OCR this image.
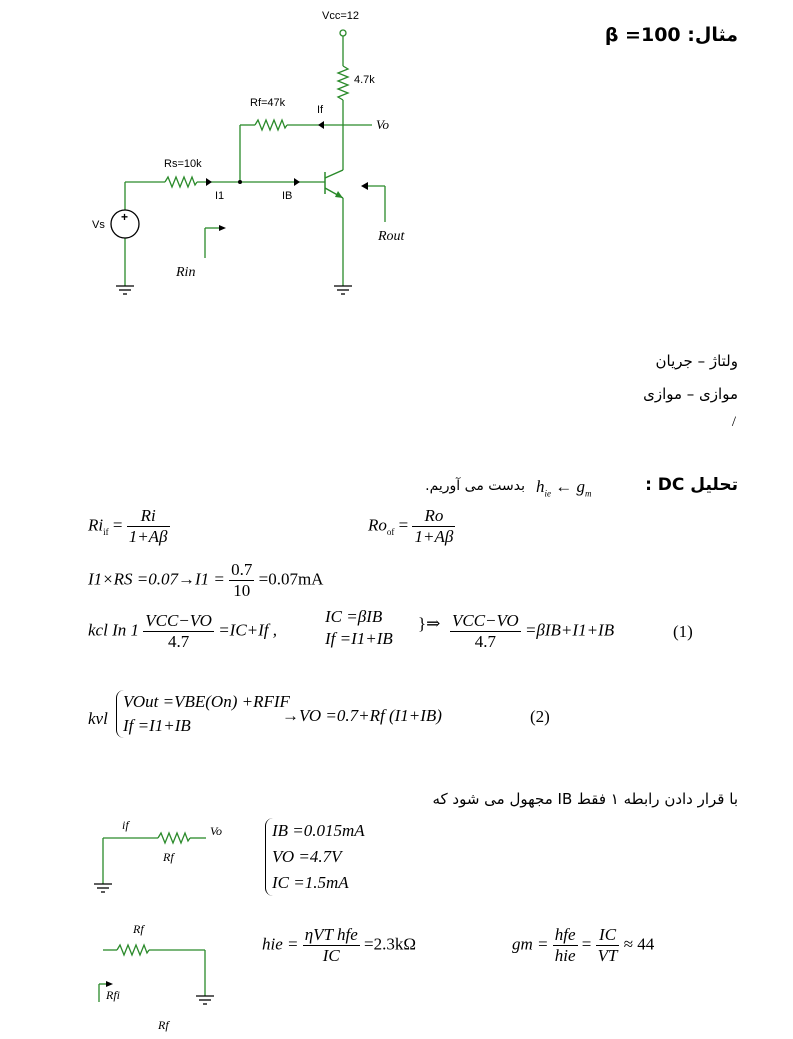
مثال: β =100
Vcc=12
4.7k
Rf=47k
If
Vo
Rs=10k
I1	IB
Vs
+
Rout
Rin
ولتاژ – جریان
موازی – موازی
/
تحلیل DC :
$h_{ie}$ ← $g_m$
بدست می آوریم.
$Ri_{if} = \frac{Ri}{1+A\beta}$	$Ro_{of} = \frac{Ro}{1+A\beta}$
$I1\times RS =0.07\to I1 = \frac{0.7}{10} =0.07mA$
kcl In $1 \frac{\text{VCC−VO}}{4.7} =IC+If$ ,
IC =βIB
If =I1+IB
}⇒ $\frac{\text{VCC−VO}}{4.7} =\beta IB+I1+IB$	(1)
kvl
VOut =VBE(On) +RFIF
If =I1+IB
→VO =0.7+Rf (I1+IB)	(2)
با قرار دادن رابطه ۱ فقط IB مجهول می شود که
IB =0.015mA
VO =4.7V
IC =1.5mA
hie = $\frac{\text{ηVT hfe}}{IC} =2.3k\Omega$	gm = $\frac{\text{hfe}}{\text{hie}} = \frac{IC}{VT} \approx 44$
if	Vo
Rf
Rf
Rfi
Rf
